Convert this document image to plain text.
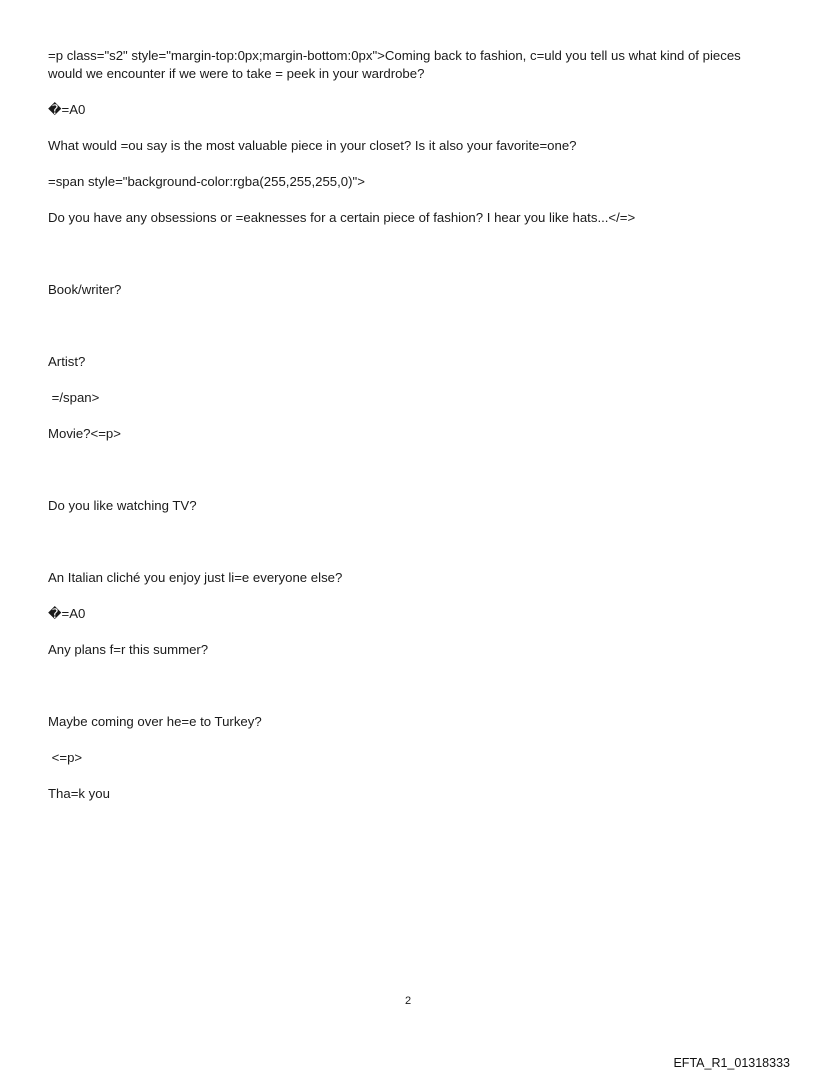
=p class="s2" style="margin-top:0px;margin-bottom:0px">Coming back to fashion, c=uld you tell us what kind of pieces would we encounter if we were to take = peek in your wardrobe?

�=A0

What would =ou say is the most valuable piece in your closet? Is it also your favorite=one?

=span style="background-color:rgba(255,255,255,0)">

Do you have any obsessions or =eaknesses for a certain piece of fashion? I hear you like hats...</=>

Book/writer?

Artist?

=/span>

Movie?<=p>

Do you like watching TV?

An Italian cliché you enjoy just li=e everyone else?

�=A0

Any plans f=r this summer?

Maybe coming over he=e to Turkey?

<=p>

Tha=k you

2
EFTA_R1_01318333
